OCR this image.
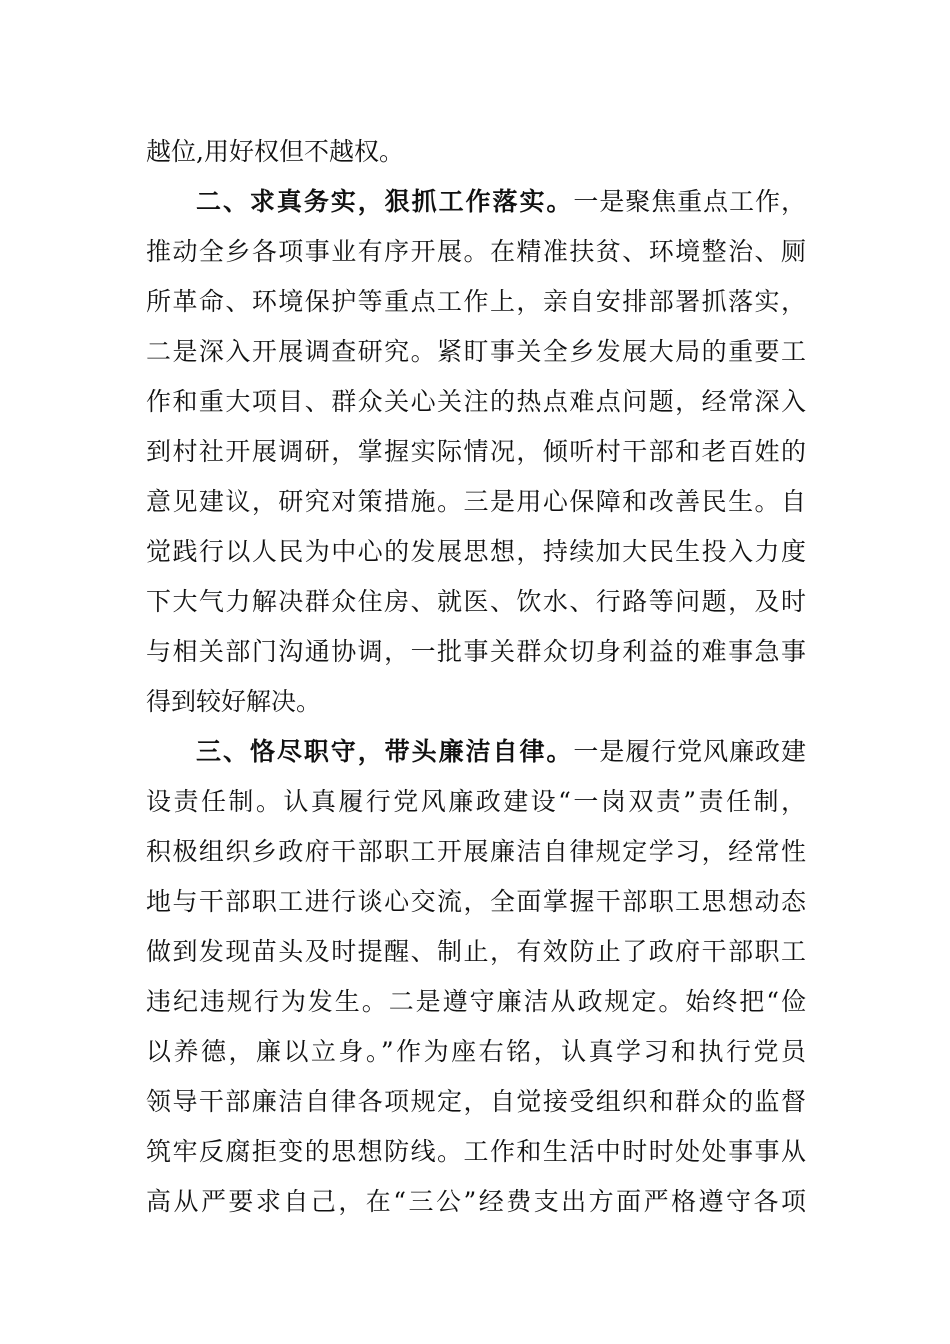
越位,用好权但不越权。
二、求真务实，狠抓工作落实。一是聚焦重点工作，
推动全乡各项事业有序开展。在精准扶贫、环境整治、厕
所革命、环境保护等重点工作上，亲自安排部署抓落实，
二是深入开展调查研究。紧盯事关全乡发展大局的重要工
作和重大项目、群众关心关注的热点难点问题，经常深入
到村社开展调研，掌握实际情况，倾听村干部和老百姓的
意见建议，研究对策措施。三是用心保障和改善民生。自
觉践行以人民为中心的发展思想，持续加大民生投入力度
下大气力解决群众住房、就医、饮水、行路等问题，及时
与相关部门沟通协调，一批事关群众切身利益的难事急事
得到较好解决。
三、恪尽职守，带头廉洁自律。一是履行党风廉政建
设责任制。认真履行党风廉政建设“一岗双责”责任制，
积极组织乡政府干部职工开展廉洁自律规定学习，经常性
地与干部职工进行谈心交流，全面掌握干部职工思想动态
做到发现苗头及时提醒、制止，有效防止了政府干部职工
违纪违规行为发生。二是遵守廉洁从政规定。始终把“俭
以养德，廉以立身。”作为座右铭，认真学习和执行党员
领导干部廉洁自律各项规定，自觉接受组织和群众的监督
筑牢反腐拒变的思想防线。工作和生活中时时处处事事从
高从严要求自己，在“三公”经费支出方面严格遵守各项
